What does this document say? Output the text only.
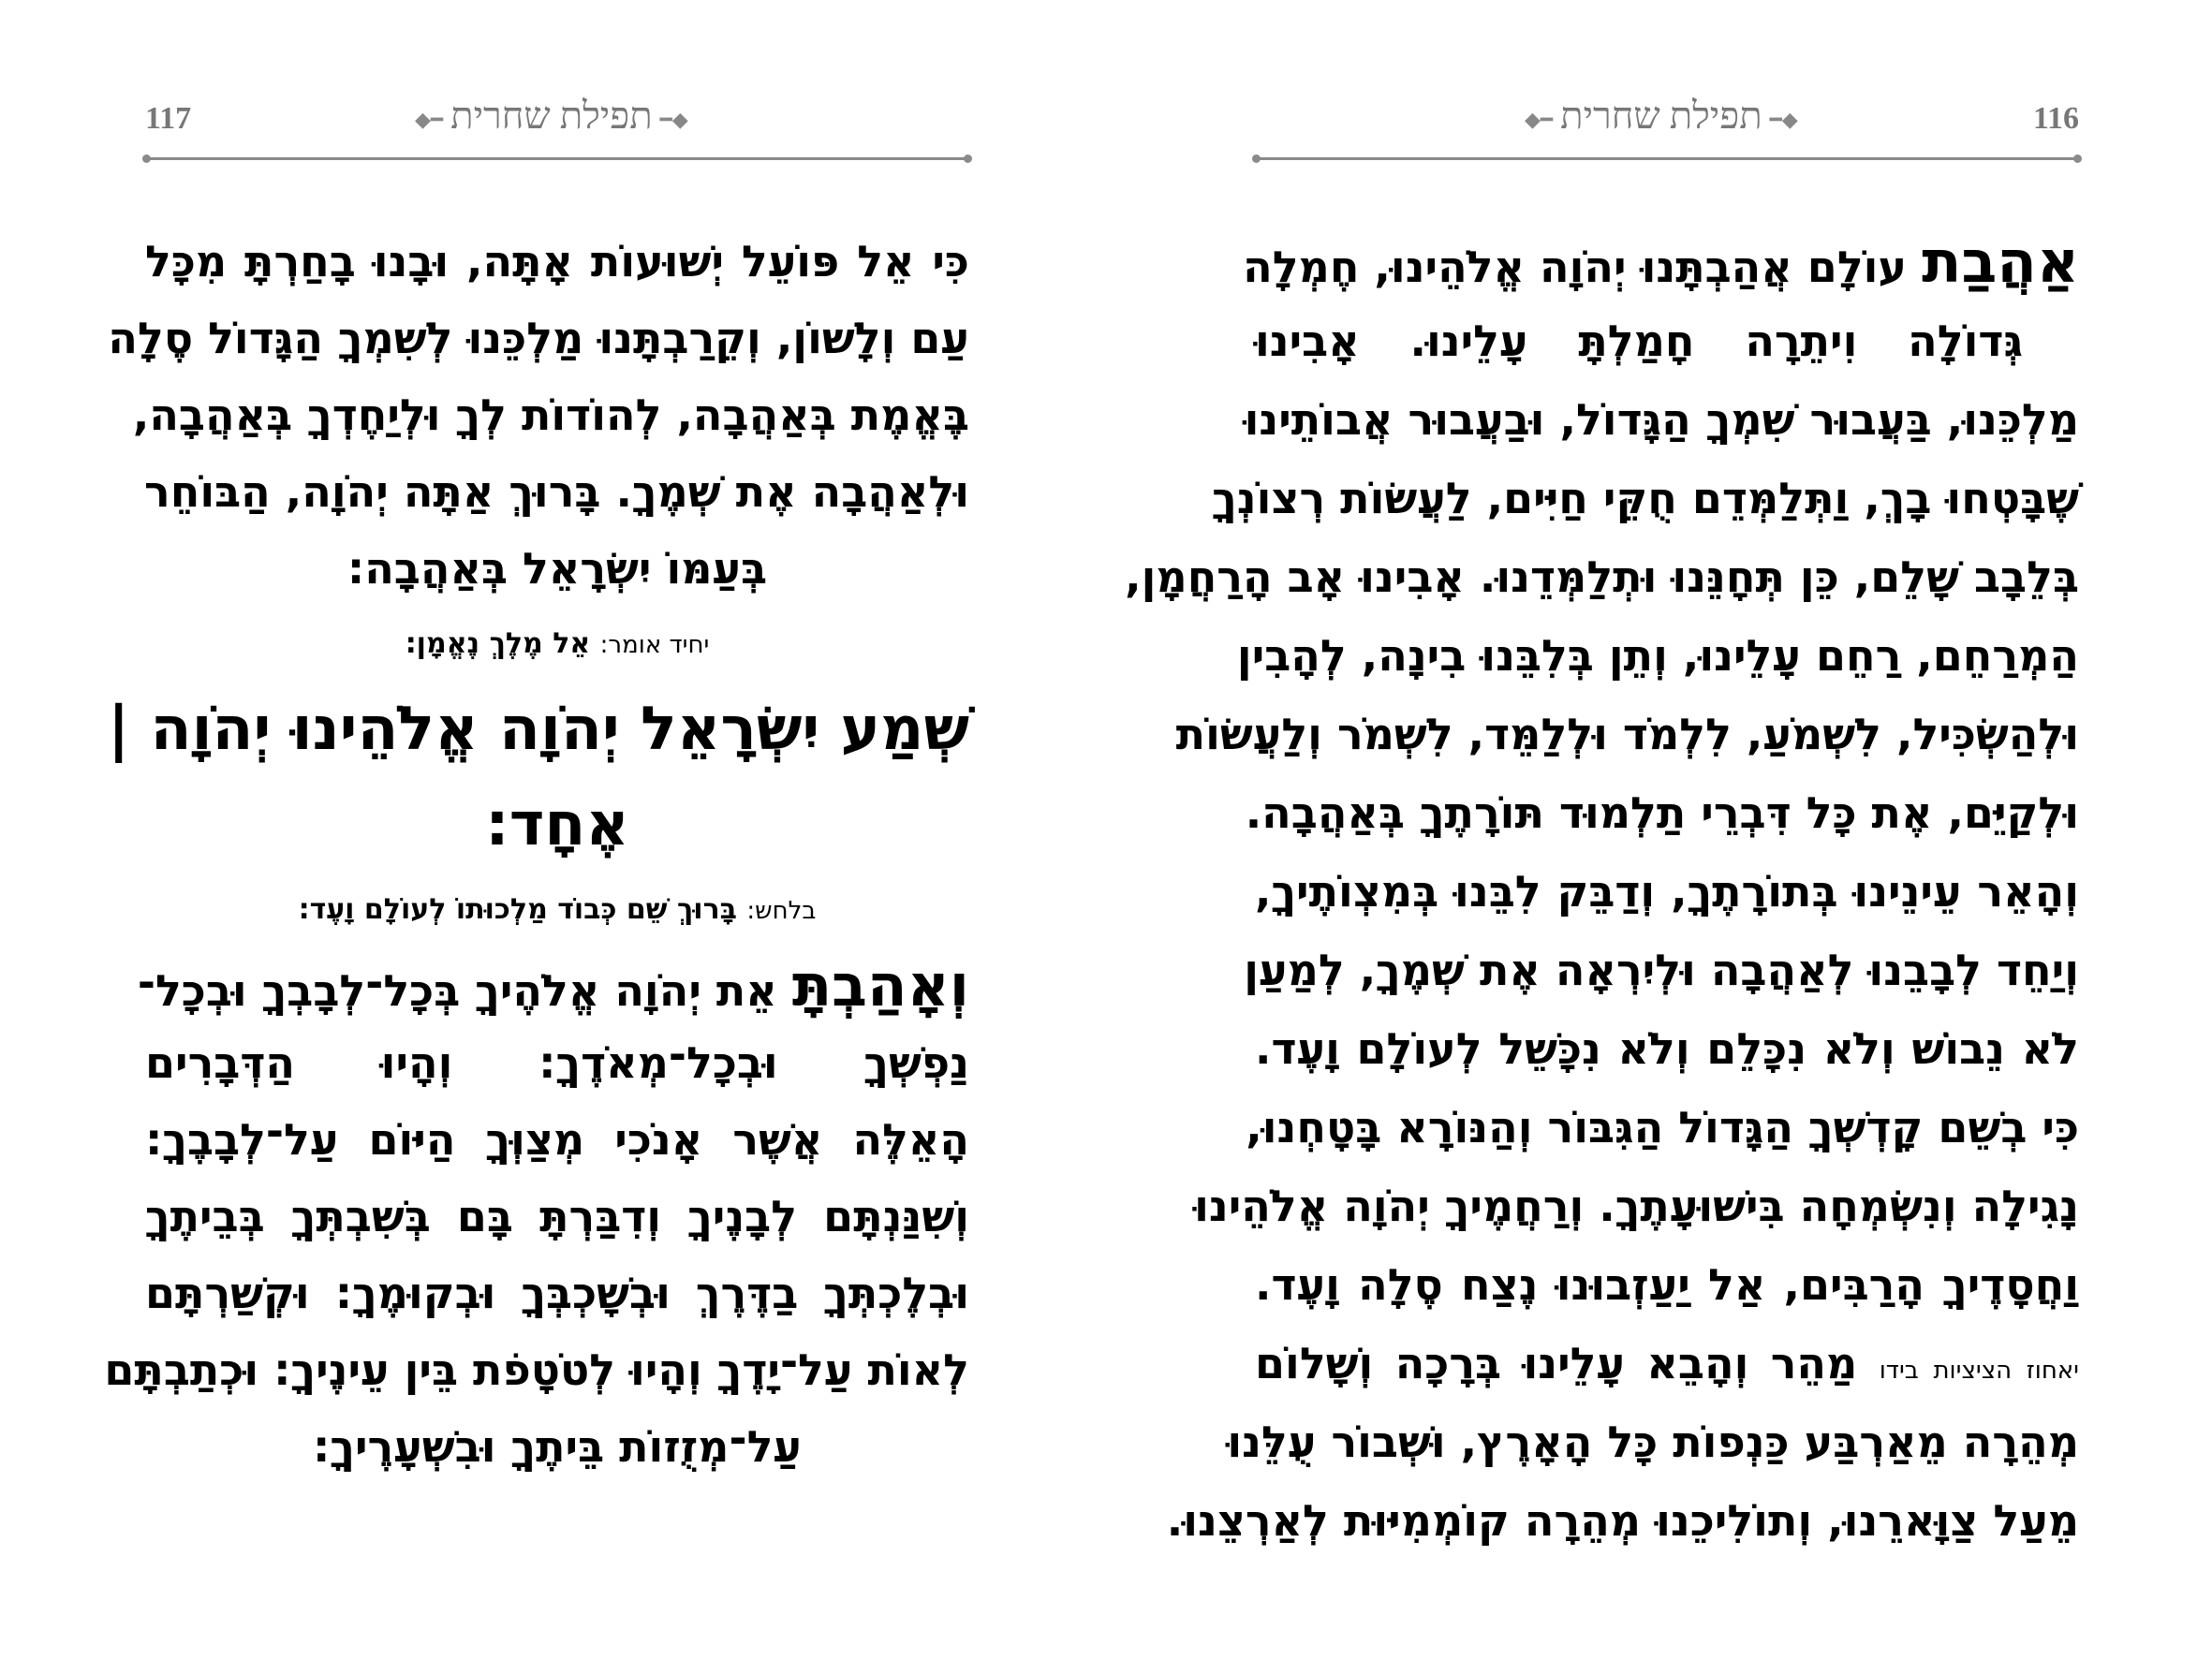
117	◆━תפילת שחרית━◆
כִּי אֵל פּוֹעֵל יְשׁוּעוֹת אָתָּה, וּבָנוּ בָחַרְתָּ מִכָּל
עַם וְלָשׁוֹן, וְקֵרַבְתָּנוּ מַלְכֵּנוּ לְשִׁמְךָ הַגָּדוֹל סֶלָה
בֶּאֱמֶת בְּאַהֲבָה, לְהוֹדוֹת לְךָ וּלְיַחֶדְךָ בְּאַהֲבָה,
וּלְאַהֲבָה אֶת שְׁמֶךָ. בָּרוּךְ אַתָּה יְהֹוָה, הַבּוֹחֵר
בְּעַמּוֹ יִשְׂרָאֵל בְּאַהֲבָה:
יחיד אומר: אֵל מֶלֶךְ נֶאֱמָן:
שְׁמַע יִשְׂרָאֵל יְהֹוָה אֱלֹהֵינוּ יְהֹוָה |
אֶחָד:
בלחש: בָּרוּךְ שֵׁם כְּבוֹד מַלְכוּתוֹ לְעוֹלָם וָעֶד:
וְאָהַבְתָּ אֵת יְהֹוָה אֱלֹהֶיךָ בְּכָל־לְבָבְךָ וּבְכָל־
נַפְשְׁךָ וּבְכָל־מְאֹדֶךָ: וְהָיוּ הַדְּבָרִים
הָאֵלֶּה אֲשֶׁר אָנֹכִי מְצַוְּךָ הַיּוֹם עַל־לְבָבֶךָ:
וְשִׁנַּנְתָּם לְבָנֶיךָ וְדִבַּרְתָּ בָּם בְּשִׁבְתְּךָ בְּבֵיתֶךָ
וּבְלֶכְתְּךָ בַדֶּרֶךְ וּבְשָׁכְבְּךָ וּבְקוּמֶךָ: וּקְשַׁרְתָּם
לְאוֹת עַל־יָדֶךָ וְהָיוּ לְטֹטָפֹת בֵּין עֵינֶיךָ: וּכְתַבְתָּם
עַל־מְזֻזוֹת בֵּיתֶךָ וּבִשְׁעָרֶיךָ:
116
◆━תפילת שחרית━◆
אַהֲבַת עוֹלָם אֲהַבְתָּנוּ יְהֹוָה אֱלֹהֵינוּ, חֶמְלָה
גְּדוֹלָה וִיתֵרָה חָמַלְתָּ עָלֵינוּ. אָבִינוּ
מַלְכֵּנוּ, בַּעֲבוּר שִׁמְךָ הַגָּדוֹל, וּבַעֲבוּר אֲבוֹתֵינוּ
שֶׁבָּטְחוּ בָךְ, וַתְּלַמְּדֵם חֻקֵּי חַיִּים, לַעֲשׂוֹת רְצוֹנְךָ
בְּלֵבָב שָׁלֵם, כֵּן תְּחָנֵּנוּ וּתְלַמְּדֵנוּ. אָבִינוּ אָב הָרַחֲמָן,
הַמְרַחֵם, רַחֵם עָלֵינוּ, וְתֵן בְּלִבֵּנוּ בִינָה, לְהָבִין
וּלְהַשְׂכִּיל, לִשְׁמֹעַ, לִלְמֹד וּלְלַמֵּד, לִשְׁמֹר וְלַעֲשׂוֹת
וּלְקַיֵּם, אֶת כָּל דִּבְרֵי תַלְמוּד תּוֹרָתֶךָ בְּאַהֲבָה.
וְהָאֵר עֵינֵינוּ בְּתוֹרָתֶךָ, וְדַבֵּק לִבֵּנוּ בְּמִצְוֹתֶיךָ,
וְיַחֵד לְבָבֵנוּ לְאַהֲבָה וּלְיִרְאָה אֶת שְׁמֶךָ, לְמַעַן
לֹא נֵבוֹשׁ וְלֹא נִכָּלֵם וְלֹא נִכָּשֵׁל לְעוֹלָם וָעֶד.
כִּי בְשֵׁם קָדְשְׁךָ הַגָּדוֹל הַגִּבּוֹר וְהַנּוֹרָא בָּטָחְנוּ,
נָגִילָה וְנִשְׂמְחָה בִּישׁוּעָתֶךָ. וְרַחֲמֶיךָ יְהֹוָה אֱלֹהֵינוּ
וַחֲסָדֶיךָ הָרַבִּים, אַל יַעַזְבוּנוּ נֶצַח סֶלָה וָעֶד.
יאחוז הציציות בידו מַהֵר וְהָבֵא עָלֵינוּ בְּרָכָה וְשָׁלוֹם
מְהֵרָה מֵאַרְבַּע כַּנְפוֹת כָּל הָאָרֶץ, וּשְׁבוֹר עֻלֵּנוּ
מֵעַל צַוָּארֵנוּ, וְתוֹלִיכֵנוּ מְהֵרָה קוֹמְמִיּוּת לְאַרְצֵנוּ.
